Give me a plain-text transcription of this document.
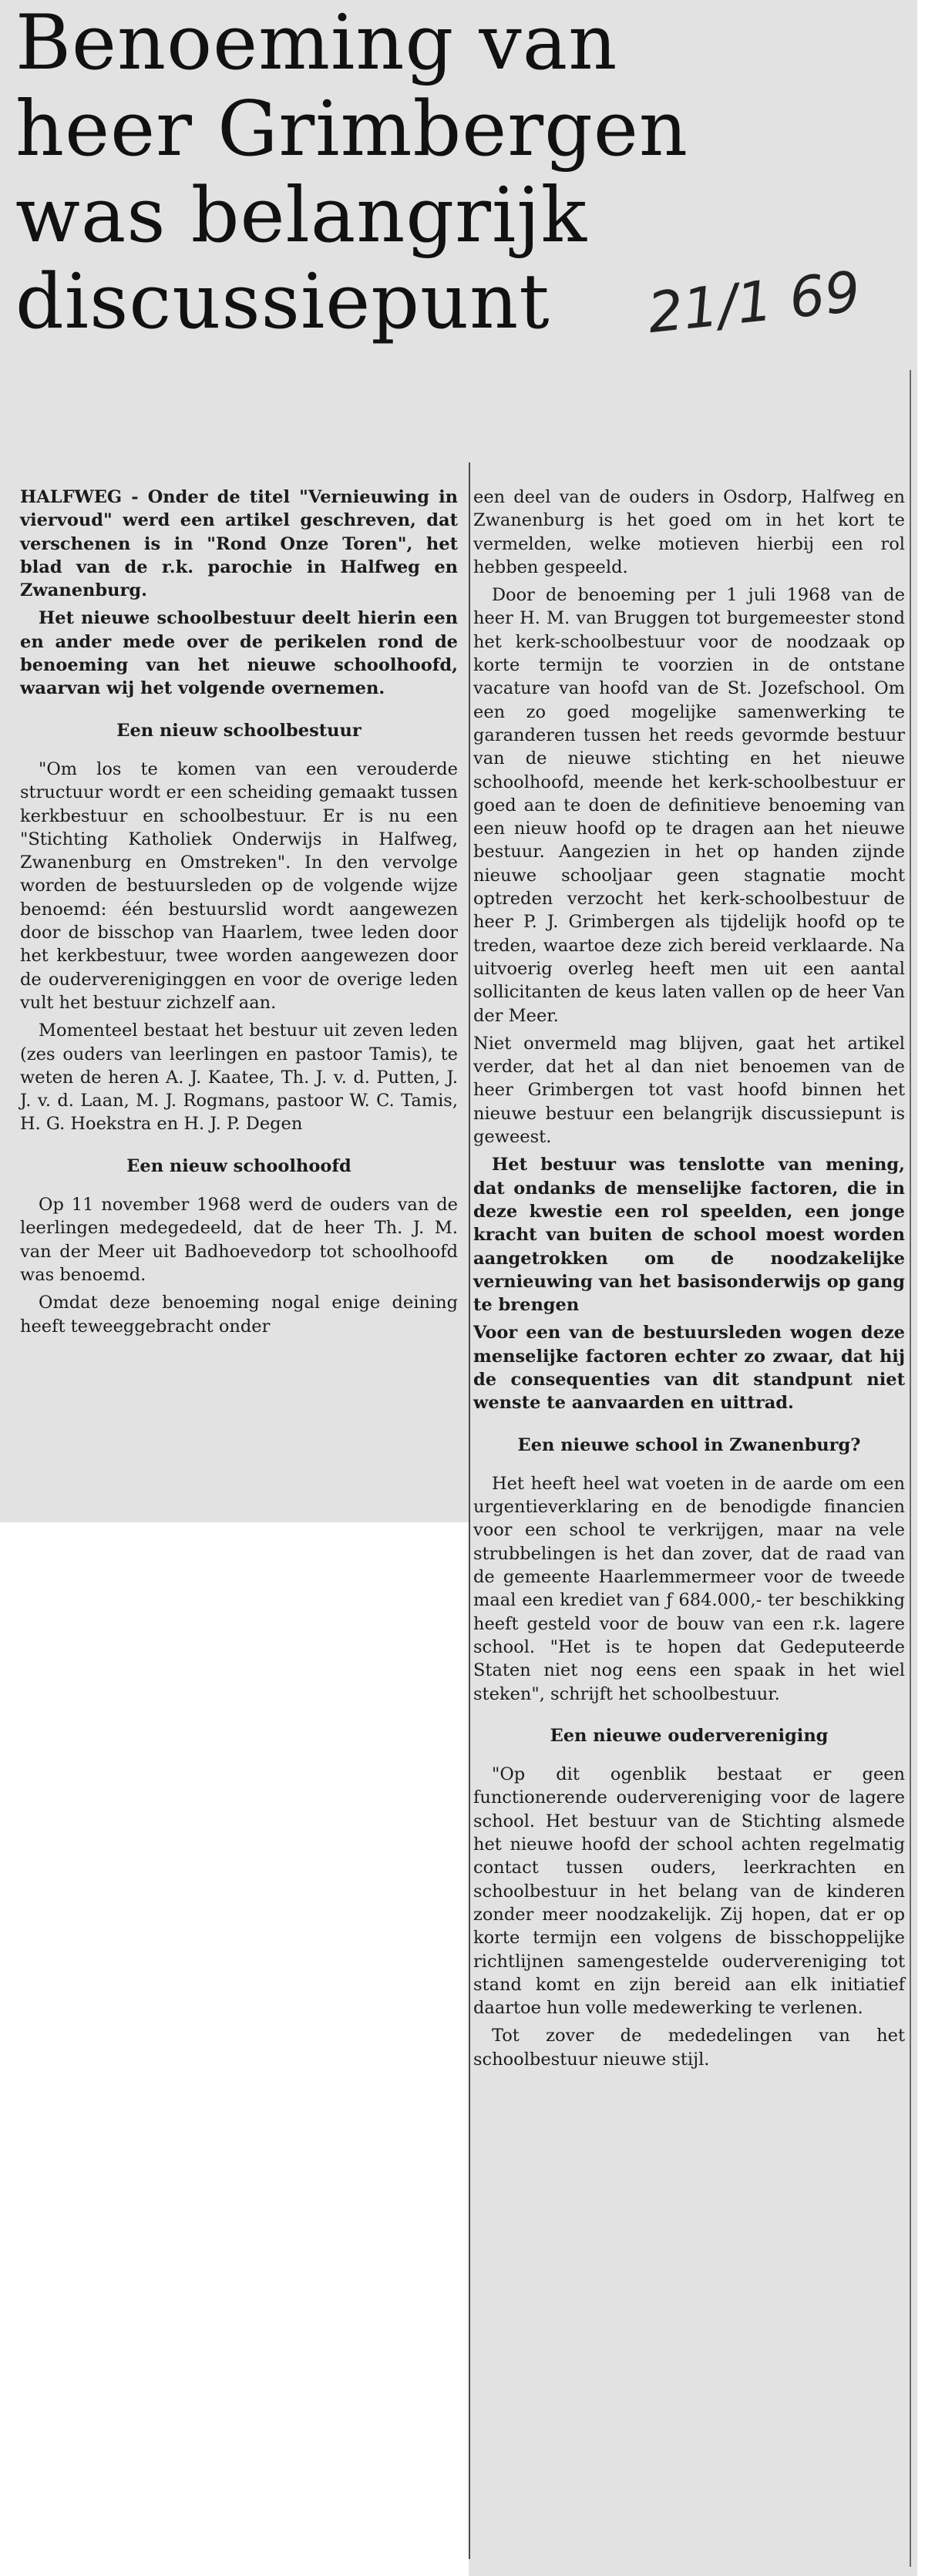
Benoeming van
heer Grimbergen
was belangrijk
discussiepunt	21/1 69

HALFWEG - Onder de titel "Vernieuwing in viervoud" werd een artikel geschreven, dat verschenen is in "Rond Onze Toren", het blad van de r.k. parochie in Halfweg en Zwanenburg.

Het nieuwe schoolbestuur deelt hierin een en ander mede over de perikelen rond de benoeming van het nieuwe schoolhoofd, waarvan wij het volgende overnemen.

Een nieuw schoolbestuur

"Om los te komen van een verouderde structuur wordt er een scheiding gemaakt tussen kerkbestuur en schoolbestuur. Er is nu een "Stichting Katholiek Onderwijs in Halfweg, Zwanenburg en Omstreken". In den vervolge worden de bestuursleden op de volgende wijze benoemd: één bestuurslid wordt aangewezen door de bisschop van Haarlem, twee leden door het kerkbestuur, twee worden aangewezen door de oudervereniginggen en voor de overige leden vult het bestuur zichzelf aan.

Momenteel bestaat het bestuur uit zeven leden (zes ouders van leerlingen en pastoor Tamis), te weten de heren A. J. Kaatee, Th. J. v. d. Putten, J. J. v. d. Laan, M. J. Rogmans, pastoor W. C. Tamis, H. G. Hoekstra en H. J. P. Degen

Een nieuw schoolhoofd

Op 11 november 1968 werd de ouders van de leerlingen medegedeeld, dat de heer Th. J. M. van der Meer uit Badhoevedorp tot schoolhoofd was benoemd.

Omdat deze benoeming nogal enige deining heeft teweeggebracht onder

een deel van de ouders in Osdorp, Halfweg en Zwanenburg is het goed om in het kort te vermelden, welke motieven hierbij een rol hebben gespeeld.

Door de benoeming per 1 juli 1968 van de heer H. M. van Bruggen tot burgemeester stond het kerk-schoolbestuur voor de noodzaak op korte termijn te voorzien in de ontstane vacature van hoofd van de St. Jozefschool. Om een zo goed mogelijke samenwerking te garanderen tussen het reeds gevormde bestuur van de nieuwe stichting en het nieuwe schoolhoofd, meende het kerk-schoolbestuur er goed aan te doen de definitieve benoeming van een nieuw hoofd op te dragen aan het nieuwe bestuur. Aangezien in het op handen zijnde nieuwe schooljaar geen stagnatie mocht optreden verzocht het kerk-schoolbestuur de heer P. J. Grimbergen als tijdelijk hoofd op te treden, waartoe deze zich bereid verklaarde. Na uitvoerig overleg heeft men uit een aantal sollicitanten de keus laten vallen op de heer Van der Meer.

Niet onvermeld mag blijven, gaat het artikel verder, dat het al dan niet benoemen van de heer Grimbergen tot vast hoofd binnen het nieuwe bestuur een belangrijk discussiepunt is geweest.

Het bestuur was tenslotte van mening, dat ondanks de menselijke factoren, die in deze kwestie een rol speelden, een jonge kracht van buiten de school moest worden aangetrokken om de noodzakelijke vernieuwing van het basisonderwijs op gang te brengen

Voor een van de bestuursleden wogen deze menselijke factoren echter zo zwaar, dat hij de consequenties van dit standpunt niet wenste te aanvaarden en uittrad.

Een nieuwe school in Zwanenburg?

Het heeft heel wat voeten in de aarde om een urgentieverklaring en de benodigde financien voor een school te verkrijgen, maar na vele strubbelingen is het dan zover, dat de raad van de gemeente Haarlemmermeer voor de tweede maal een krediet van ƒ 684.000,- ter beschikking heeft gesteld voor de bouw van een r.k. lagere school. "Het is te hopen dat Gedeputeerde Staten niet nog eens een spaak in het wiel steken", schrijft het schoolbestuur.

Een nieuwe oudervereniging

"Op dit ogenblik bestaat er geen functionerende oudervereniging voor de lagere school. Het bestuur van de Stichting alsmede het nieuwe hoofd der school achten regelmatig contact tussen ouders, leerkrachten en schoolbestuur in het belang van de kinderen zonder meer noodzakelijk. Zij hopen, dat er op korte termijn een volgens de bisschoppelijke richtlijnen samengestelde oudervereniging tot stand komt en zijn bereid aan elk initiatief daartoe hun volle medewerking te verlenen.

Tot zover de mededelingen van het schoolbestuur nieuwe stijl.
